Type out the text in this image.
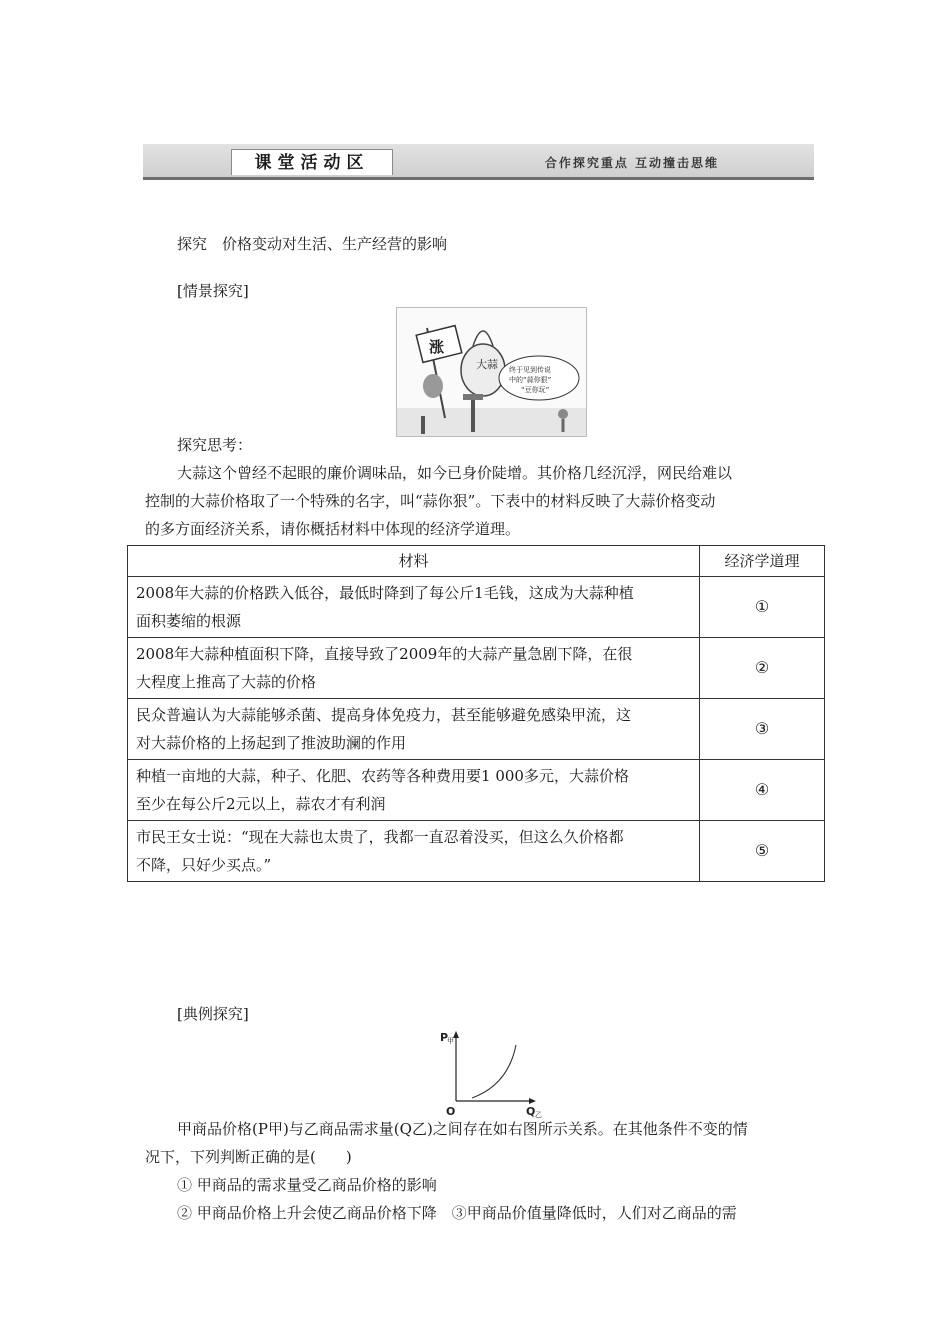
课堂活动区	合作探究重点 互动撞击思维
探究　价格变动对生活、生产经营的影响
[情景探究]
涨
大蒜 终于见到传说
中的“蒜你狠”
“豆你玩”
探究思考：
大蒜这个曾经不起眼的廉价调味品，如今已身价陡增。其价格几经沉浮，网民给难以
控制的大蒜价格取了一个特殊的名字，叫“蒜你狠”。下表中的材料反映了大蒜价格变动
的多方面经济关系，请你概括材料中体现的经济学道理。
材料	经济学道理

2008年大蒜的价格跌入低谷，最低时降到了每公斤1毛钱，这成为大蒜种植
面积萎缩的根源	①

2008年大蒜种植面积下降，直接导致了2009年的大蒜产量急剧下降，在很
大程度上推高了大蒜的价格	②

民众普遍认为大蒜能够杀菌、提高身体免疫力，甚至能够避免感染甲流，这
对大蒜价格的上扬起到了推波助澜的作用	③

种植一亩地的大蒜，种子、化肥、农药等各种费用要1 000多元，大蒜价格
至少在每公斤2元以上，蒜农才有利润	④

市民王女士说：“现在大蒜也太贵了，我都一直忍着没买，但这么久价格都
不降，只好少买点。”	⑤
[典例探究]
P
甲
O	Q 乙
甲商品价格(P甲)与乙商品需求量(Q乙)之间存在如右图所示关系。在其他条件不变的情
况下，下列判断正确的是(　　)
① 甲商品的需求量受乙商品价格的影响
② 甲商品价格上升会使乙商品价格下降　③甲商品价值量降低时，人们对乙商品的需
